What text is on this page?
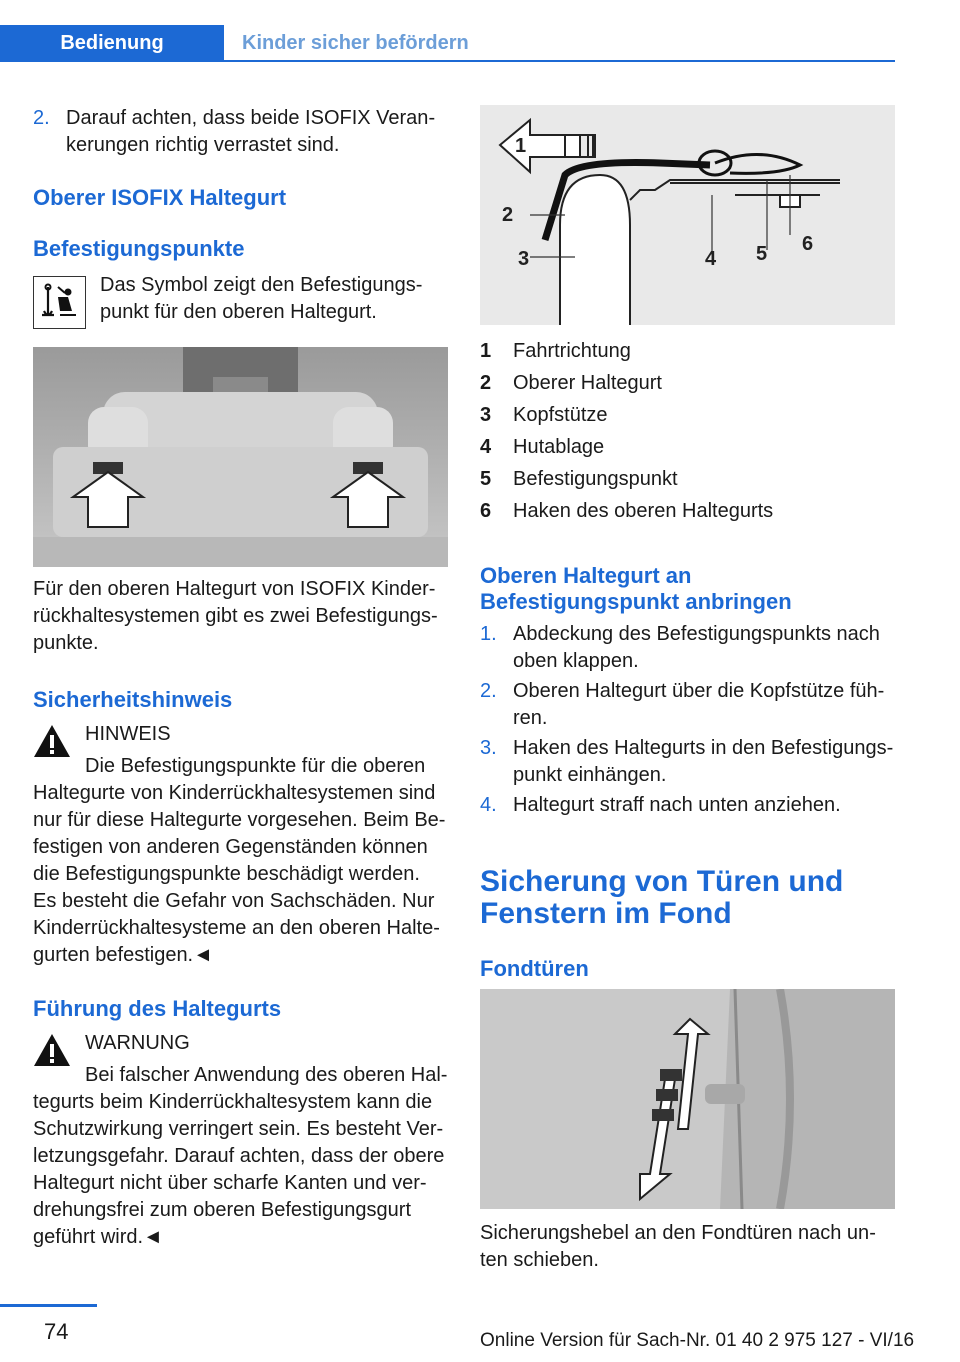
Bedienung	Kinder sicher befördern
2. Darauf achten, dass beide ISOFIX Verankerungen richtig verrastet sind.
Oberer ISOFIX Haltegurt
Befestigungspunkte
Das Symbol zeigt den Befestigungspunkt für den oberen Haltegurt.

Für den oberen Haltegurt von ISOFIX Kinderrückhaltesystemen gibt es zwei Befestigungspunkte.

Sicherheitshinweis
HINWEIS
Die Befestigungspunkte für die oberen Haltegurte von Kinderrückhaltesystemen sind nur für diese Haltegurte vorgesehen. Beim Befestigen von anderen Gegenständen können die Befestigungspunkte beschädigt werden. Es besteht die Gefahr von Sachschäden. Nur Kinderrückhaltesysteme an den oberen Haltegurten befestigen.◄
Führung des Haltegurts
WARNUNG
Bei falscher Anwendung des oberen Haltegurts beim Kinderrückhaltesystem kann die Schutzwirkung verringert sein. Es besteht Verletzungsgefahr. Darauf achten, dass der obere Haltegurt nicht über scharfe Kanten und verdrehungsfrei zum oberen Befestigungsgurt geführt wird.◄
1
2
3	4 5 6
1	Fahrtrichtung
2	Oberer Haltegurt
3	Kopfstütze
4	Hutablage
5	Befestigungspunkt
6	Haken des oberen Haltegurts
Oberen Haltegurt an Befestigungspunkt anbringen
1. Abdeckung des Befestigungspunkts nach oben klappen.
2. Oberen Haltegurt über die Kopfstütze führen.
3. Haken des Haltegurts in den Befestigungspunkt einhängen.
4. Haltegurt straff nach unten anziehen.
Sicherung von Türen und Fenstern im Fond
Fondtüren
Sicherungshebel an den Fondtüren nach unten schieben.
74	Online Version für Sach-Nr. 01 40 2 975 127 - VI/16
